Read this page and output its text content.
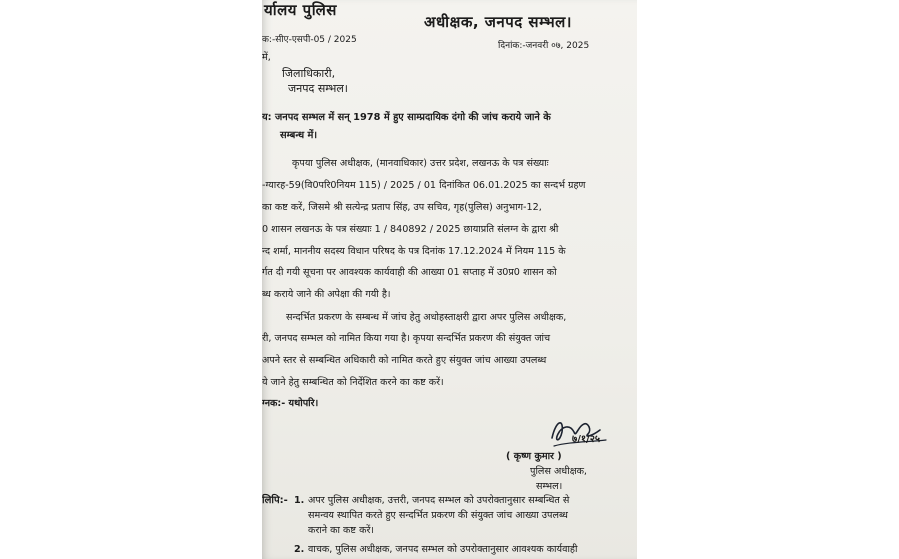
र्यालय पुलिस
अधीक्षक, जनपद सम्भल।
क:-सीए-एसपी-05 / 2025
दिनांक:-जनवरी ०७, 2025
में,
जिलाधिकारी,
जनपद सम्भल।
य: जनपद सम्भल में सन् 1978 में हुए साम्प्रदायिक दंगो की जांच कराये जाने के
सम्बन्ध में।
कृपया पुलिस अधीक्षक, (मानवाधिकार) उत्तर प्रदेश, लखनऊ के पत्र संख्याः
-ग्यारह-59(वि0परि0नियम 115) / 2025 / 01 दिनांकित 06.01.2025 का सन्दर्भ ग्रहण
का कष्ट करें, जिसमे श्री सत्येन्द्र प्रताप सिंह, उप सचिव, गृह(पुलिस) अनुभाग-12,
0 शासन लखनऊ के पत्र संख्याः 1 / 840892 / 2025 छायाप्रति संलग्न के द्वारा श्री
न्द शर्मा, माननीय सदस्य विधान परिषद के पत्र दिनांक 17.12.2024 में नियम 115 के
र्गत दी गयी सूचना पर आवश्यक कार्यवाही की आख्या 01 सप्ताह में उ0प्र0 शासन को
ब्ध कराये जाने की अपेक्षा की गयी है।
सन्दर्भित प्रकरण के सम्बन्ध में जांच हेतु अधोहस्ताक्षरी द्वारा अपर पुलिस अधीक्षक,
री, जनपद सम्भल को नामित किया गया है। कृपया सन्दर्भित प्रकरण की संयुक्त जांच
अपने स्तर से सम्बन्धित अधिकारी को नामित करते हुए संयुक्त जांच आख्या उपलब्ध
ये जाने हेतु सम्बन्धित को निर्देशित करने का कष्ट करें।
ग्नक:- यथोपरि।
७/१/२५
( कृष्ण कुमार )
पुलिस अधीक्षक,
सम्भल।
लिपि:- 1. अपर पुलिस अधीक्षक, उत्तरी, जनपद सम्भल को उपरोक्तानुसार सम्बन्धित से
समन्वय स्थापित करते हुए सन्दर्भित प्रकरण की संयुक्त जांच आख्या उपलब्ध
कराने का कष्ट करें।
2. वाचक, पुलिस अधीक्षक, जनपद सम्भल को उपरोक्तानुसार आवश्यक कार्यवाही
